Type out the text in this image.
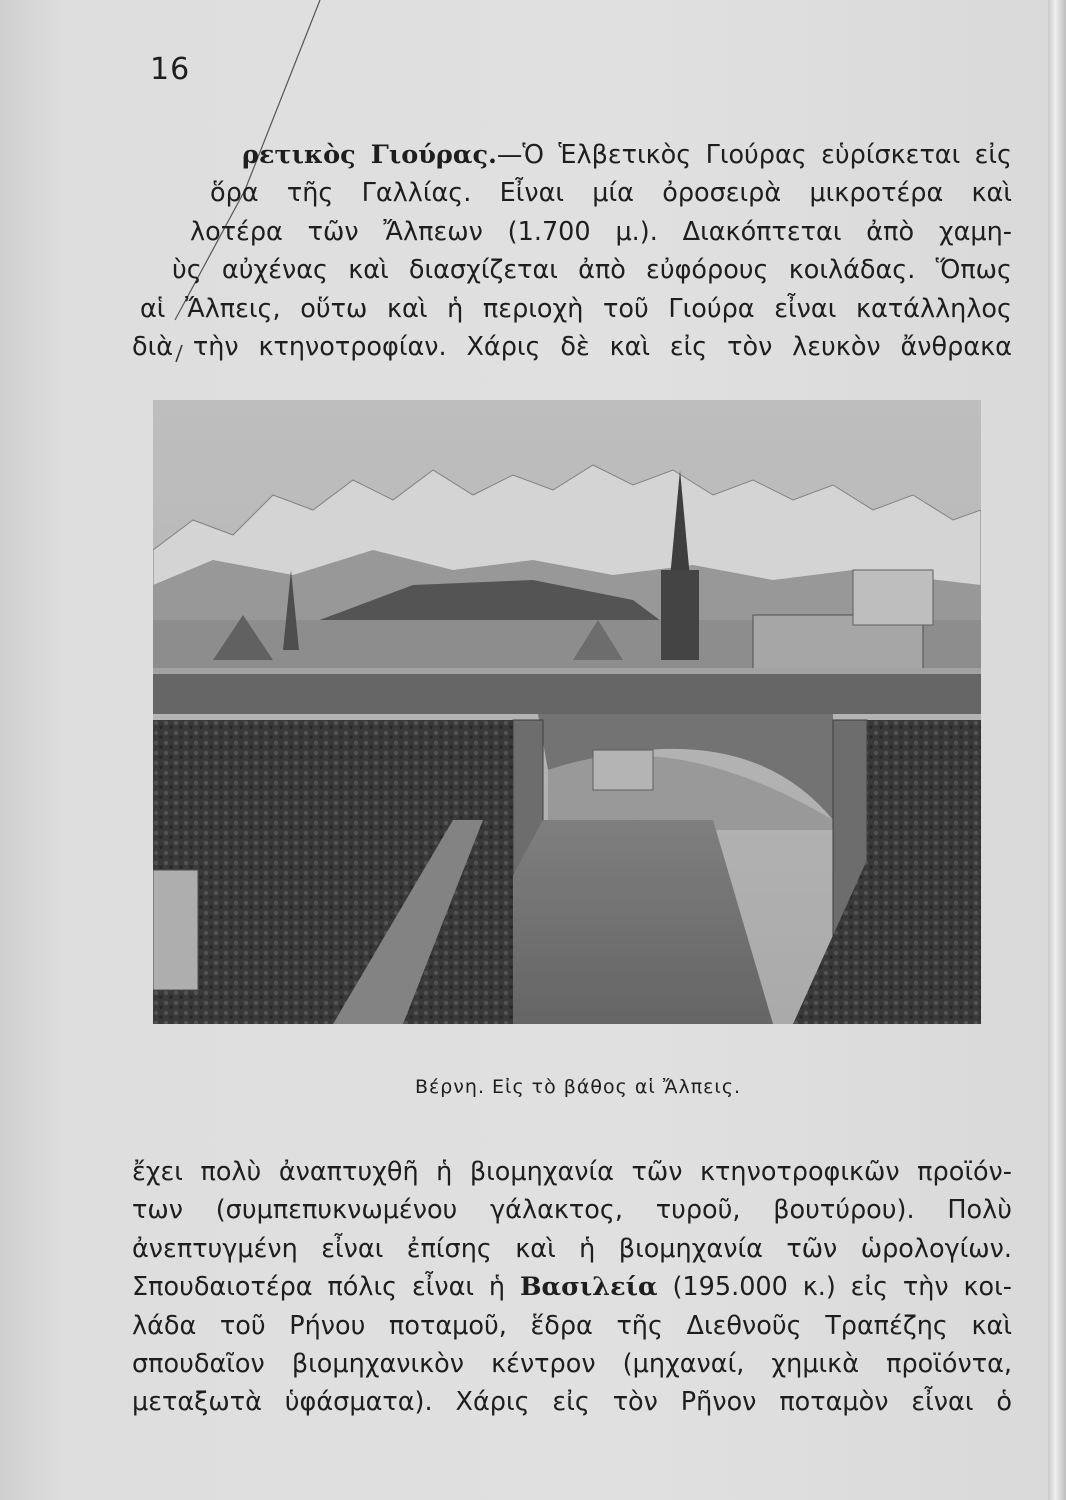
16

ρετικὸς Γιούρας.—Ὁ Ἑλβετικὸς Γιούρας εὑρίσκεται εἰς

ὅρα τῆς Γαλλίας. Εἶναι μία ὀροσειρὰ μικροτέρα καὶ

λοτέρα τῶν Ἄλπεων (1.700 μ.). Διακόπτεται ἀπὸ χαμη-

ὺς αὐχένας καὶ διασχίζεται ἀπὸ εὐφόρους κοιλάδας. Ὅπως

αἱ Ἄλπεις, οὕτω καὶ ἡ περιοχὴ τοῦ Γιούρα εἶναι κατάλληλος

διὰ τὴν κτηνοτροφίαν. Χάρις δὲ καὶ εἰς τὸν λευκὸν ἄνθρακα

Βέρνη. Εἰς τὸ βάθος αἱ Ἄλπεις.

ἔχει πολὺ ἀναπτυχθῆ ἡ βιομηχανία τῶν κτηνοτροφικῶν προϊόν-

των (συμπεπυκνωμένου γάλακτος, τυροῦ, βουτύρου). Πολὺ

ἀνεπτυγμένη εἶναι ἐπίσης καὶ ἡ βιομηχανία τῶν ὡρολογίων.

Σπουδαιοτέρα πόλις εἶναι ἡ Βασιλεία (195.000 κ.) εἰς τὴν κοι-

λάδα τοῦ Ρήνου ποταμοῦ, ἕδρα τῆς Διεθνοῦς Τραπέζης καὶ

σπουδαῖον βιομηχανικὸν κέντρον (μηχαναί, χημικὰ προϊόντα,

μεταξωτὰ ὑφάσματα). Χάρις εἰς τὸν Ρῆνον ποταμὸν εἶναι ὁ
